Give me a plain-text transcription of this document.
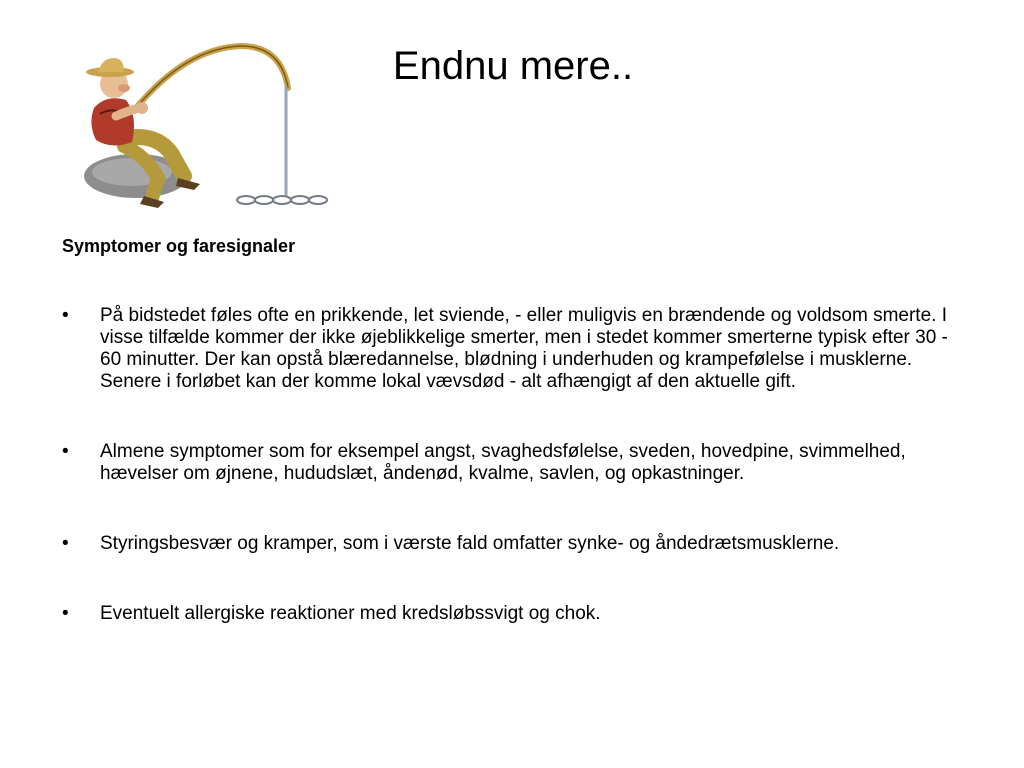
Endnu mere..

Symptomer og faresignaler

•	På bidstedet føles ofte en prikkende, let sviende, - eller muligvis en brændende og voldsom smerte. I visse tilfælde kommer der ikke øjeblikkelige smerter, men i stedet kommer smerterne typisk efter 30 - 60 minutter. Der kan opstå blæredannelse, blødning i underhuden og krampefølelse i musklerne. Senere i forløbet kan der komme lokal vævsdød - alt afhængigt af den aktuelle gift.
•	Almene symptomer som for eksempel angst, svaghedsfølelse, sveden, hovedpine, svimmelhed, hævelser om øjnene, hududslæt, åndenød, kvalme, savlen, og opkastninger.
•	Styringsbesvær og kramper, som i værste fald omfatter synke- og åndedrætsmusklerne.
•	Eventuelt allergiske reaktioner med kredsløbssvigt og chok.
